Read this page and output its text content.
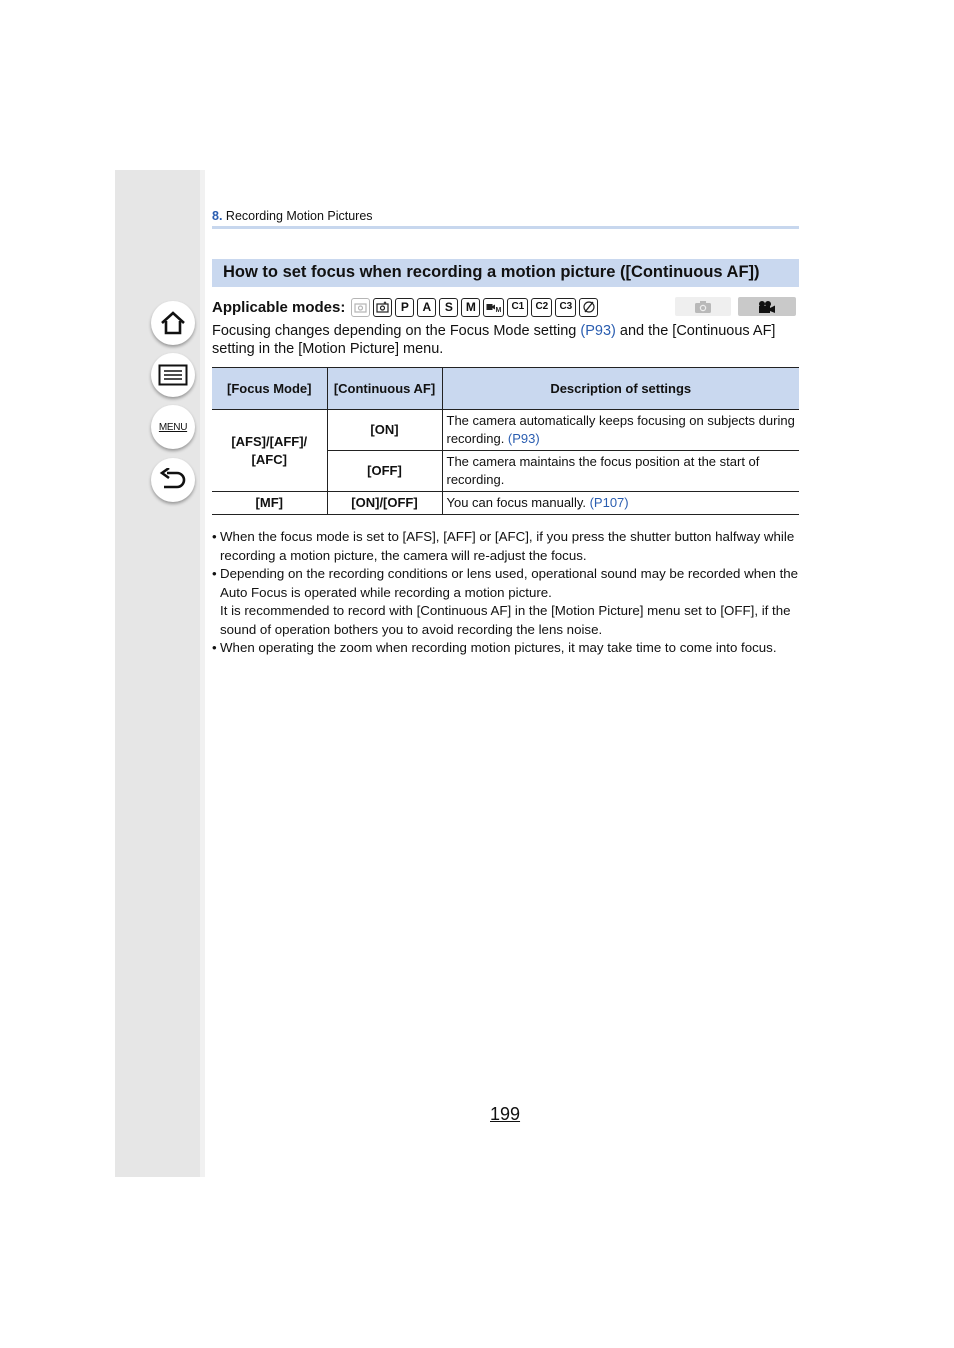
MENU
8. Recording Motion Pictures
How to set focus when recording a motion picture ([Continuous AF])
Applicable modes:	P	A	S	M	M	C1	C2	C3
Focusing changes depending on the Focus Mode setting (P93) and the [Continuous AF] setting in the [Motion Picture] menu.
[Focus Mode]	[Continuous AF]	Description of settings
[AFS]/[AFF]/ [AFC]	[ON]	The camera automatically keeps focusing on subjects during recording. (P93)
	[OFF]	The camera maintains the focus position at the start of recording.
[MF]	[ON]/[OFF]	You can focus manually. (P107)
• When the focus mode is set to [AFS], [AFF] or [AFC], if you press the shutter button halfway while recording a motion picture, the camera will re-adjust the focus.
• Depending on the recording conditions or lens used, operational sound may be recorded when the Auto Focus is operated while recording a motion picture.
It is recommended to record with [Continuous AF] in the [Motion Picture] menu set to [OFF], if the sound of operation bothers you to avoid recording the lens noise.
• When operating the zoom when recording motion pictures, it may take time to come into focus.
199
